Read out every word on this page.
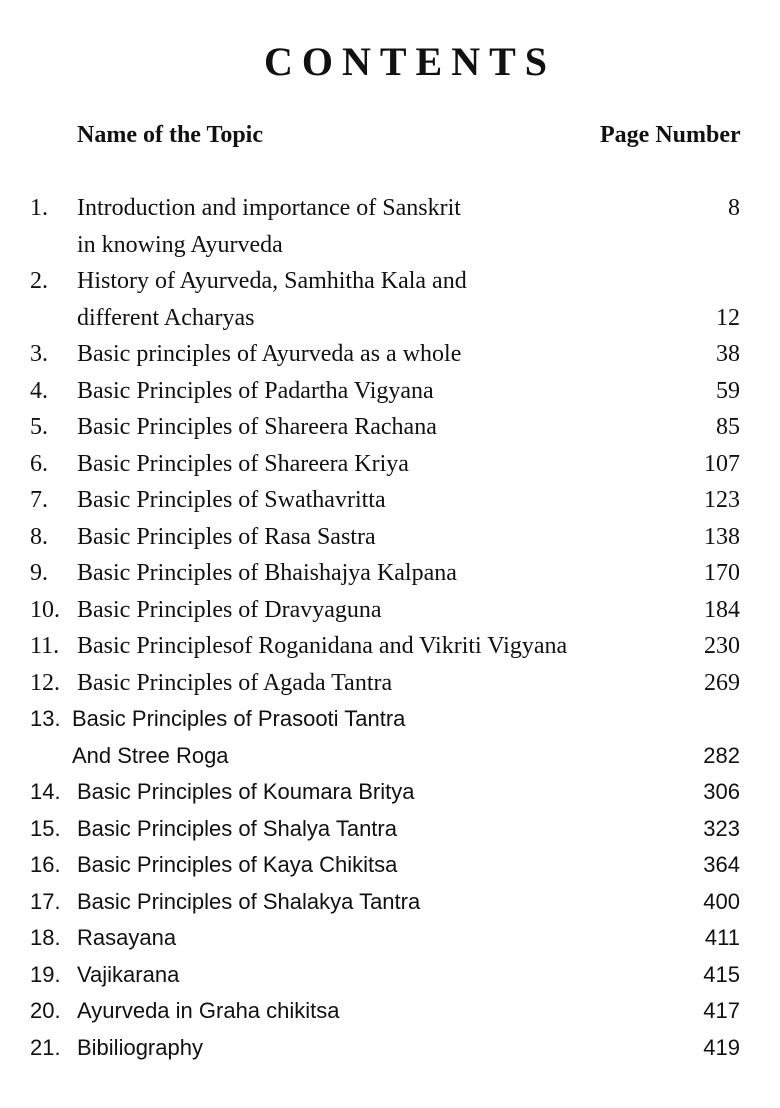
CONTENTS
Name of the Topic	Page Number
1. Introduction and importance of Sanskrit	8
in knowing Ayurveda
2. History of Ayurveda, Samhitha Kala and
different Acharyas	12
3. Basic principles of Ayurveda as a whole	38
4. Basic Principles of Padartha Vigyana	59
5. Basic Principles of Shareera Rachana	85
6. Basic Principles of Shareera Kriya	107
7. Basic Principles of Swathavritta	123
8. Basic Principles of Rasa Sastra	138
9. Basic Principles of Bhaishajya Kalpana	170
10. Basic Principles of Dravyaguna	184
11. Basic Principlesof Roganidana and Vikriti Vigyana	230
12. Basic Principles of Agada Tantra	269
13. Basic Principles of Prasooti Tantra
And Stree Roga	282
14. Basic Principles of Koumara Britya	306
15. Basic Principles of Shalya Tantra	323
16. Basic Principles of Kaya Chikitsa	364
17. Basic Principles of Shalakya Tantra	400
18. Rasayana	411
19. Vajikarana	415
20. Ayurveda in Graha chikitsa	417
21. Bibiliography	419
